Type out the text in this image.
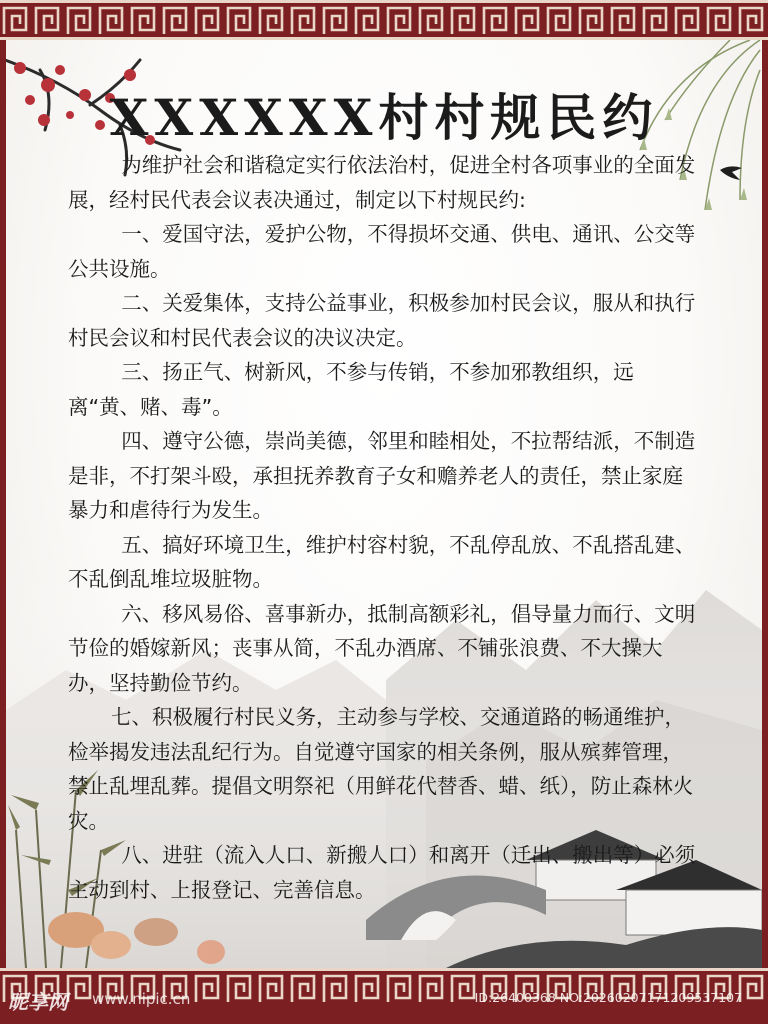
XXXXXX村村规民约

为维护社会和谐稳定实行依法治村，促进全村各项事业的全面发展，经村民代表会议表决通过，制定以下村规民约:

一、爱国守法，爱护公物，不得损坏交通、供电、通讯、公交等公共设施。

二、关爱集体，支持公益事业，积极参加村民会议，服从和执行村民会议和村民代表会议的决议决定。

三、扬正气、树新风，不参与传销，不参加邪教组织，远离“黄、赌、毒”。

四、遵守公德，崇尚美德，邻里和睦相处，不拉帮结派，不制造是非，不打架斗殴，承担抚养教育子女和赡养老人的责任，禁止家庭暴力和虐待行为发生。

五、搞好环境卫生，维护村容村貌，不乱停乱放、不乱搭乱建、不乱倒乱堆垃圾脏物。

六、移风易俗、喜事新办，抵制高额彩礼，倡导量力而行、文明节俭的婚嫁新风；丧事从简，不乱办酒席、不铺张浪费、不大操大办，坚持勤俭节约。

七、积极履行村民义务，主动参与学校、交通道路的畅通维护，检举揭发违法乱纪行为。自觉遵守国家的相关条例，服从殡葬管理，禁止乱埋乱葬。提倡文明祭祀（用鲜花代替香、蜡、纸），防止森林火灾。

八、进驻（流入人口、新搬人口）和离开（迁出、搬出等）必须主动到村、上报登记、完善信息。

昵享网 www.nipic.cn	ID:26400368 NO:20260207171209537107
